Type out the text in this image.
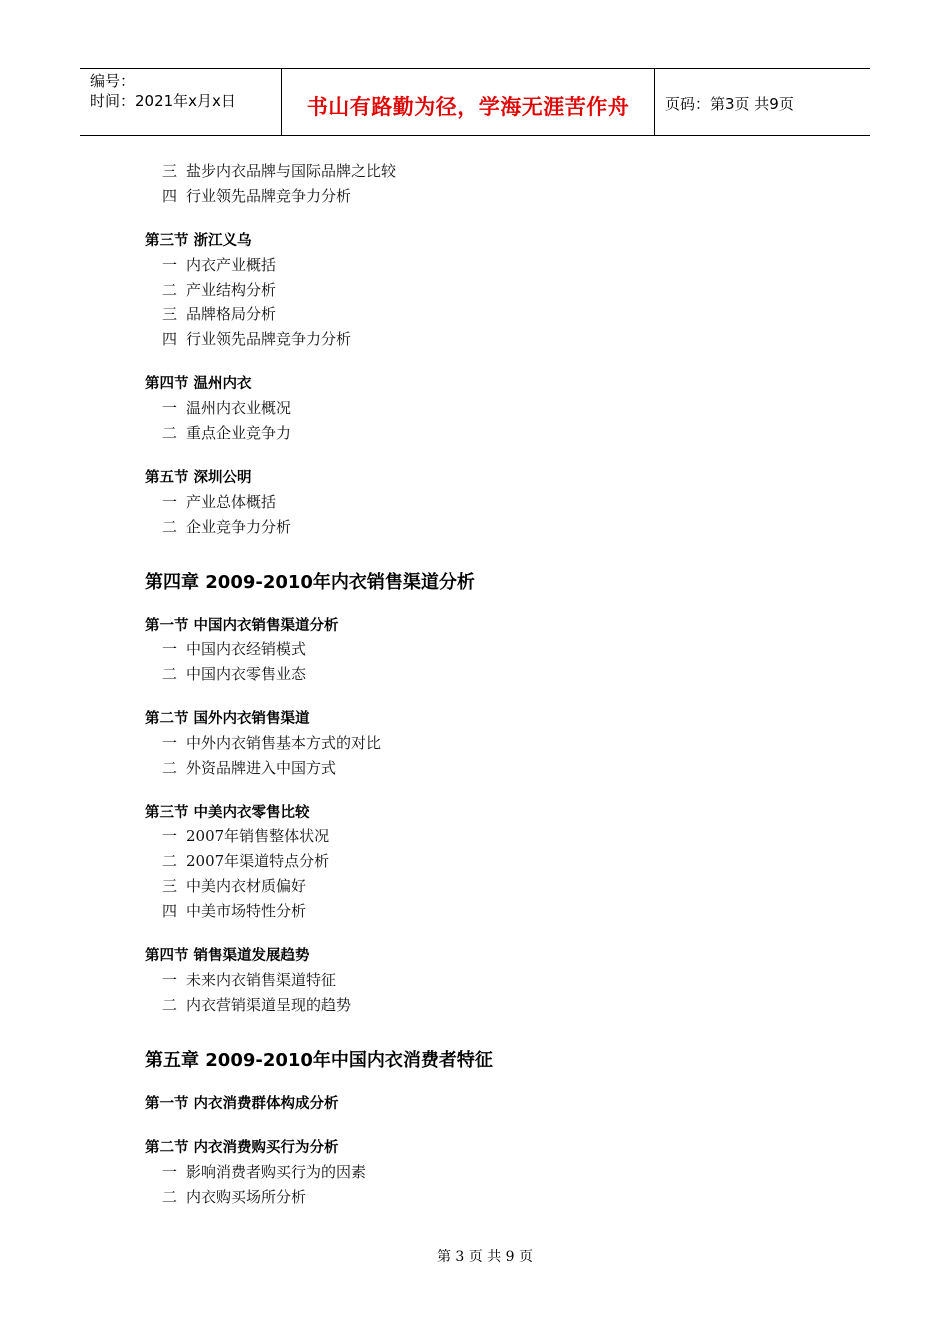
编号：
时间：2021年x月x日	书山有路勤为径，学海无涯苦作舟	页码：第3页 共9页
三 盐步内衣品牌与国际品牌之比较
四 行业领先品牌竞争力分析
第三节 浙江义乌
一 内衣产业概括
二 产业结构分析
三 品牌格局分析
四 行业领先品牌竞争力分析
第四节 温州内衣
一 温州内衣业概况
二 重点企业竞争力
第五节 深圳公明
一 产业总体概括
二 企业竞争力分析
第四章 2009-2010年内衣销售渠道分析
第一节 中国内衣销售渠道分析
一 中国内衣经销模式
二 中国内衣零售业态
第二节 国外内衣销售渠道
一 中外内衣销售基本方式的对比
二 外资品牌进入中国方式
第三节 中美内衣零售比较
一 2007年销售整体状况
二 2007年渠道特点分析
三 中美内衣材质偏好
四 中美市场特性分析
第四节 销售渠道发展趋势
一 未来内衣销售渠道特征
二 内衣营销渠道呈现的趋势
第五章 2009-2010年中国内衣消费者特征
第一节 内衣消费群体构成分析
第二节 内衣消费购买行为分析
一 影响消费者购买行为的因素
二 内衣购买场所分析
第 3 页 共 9 页
